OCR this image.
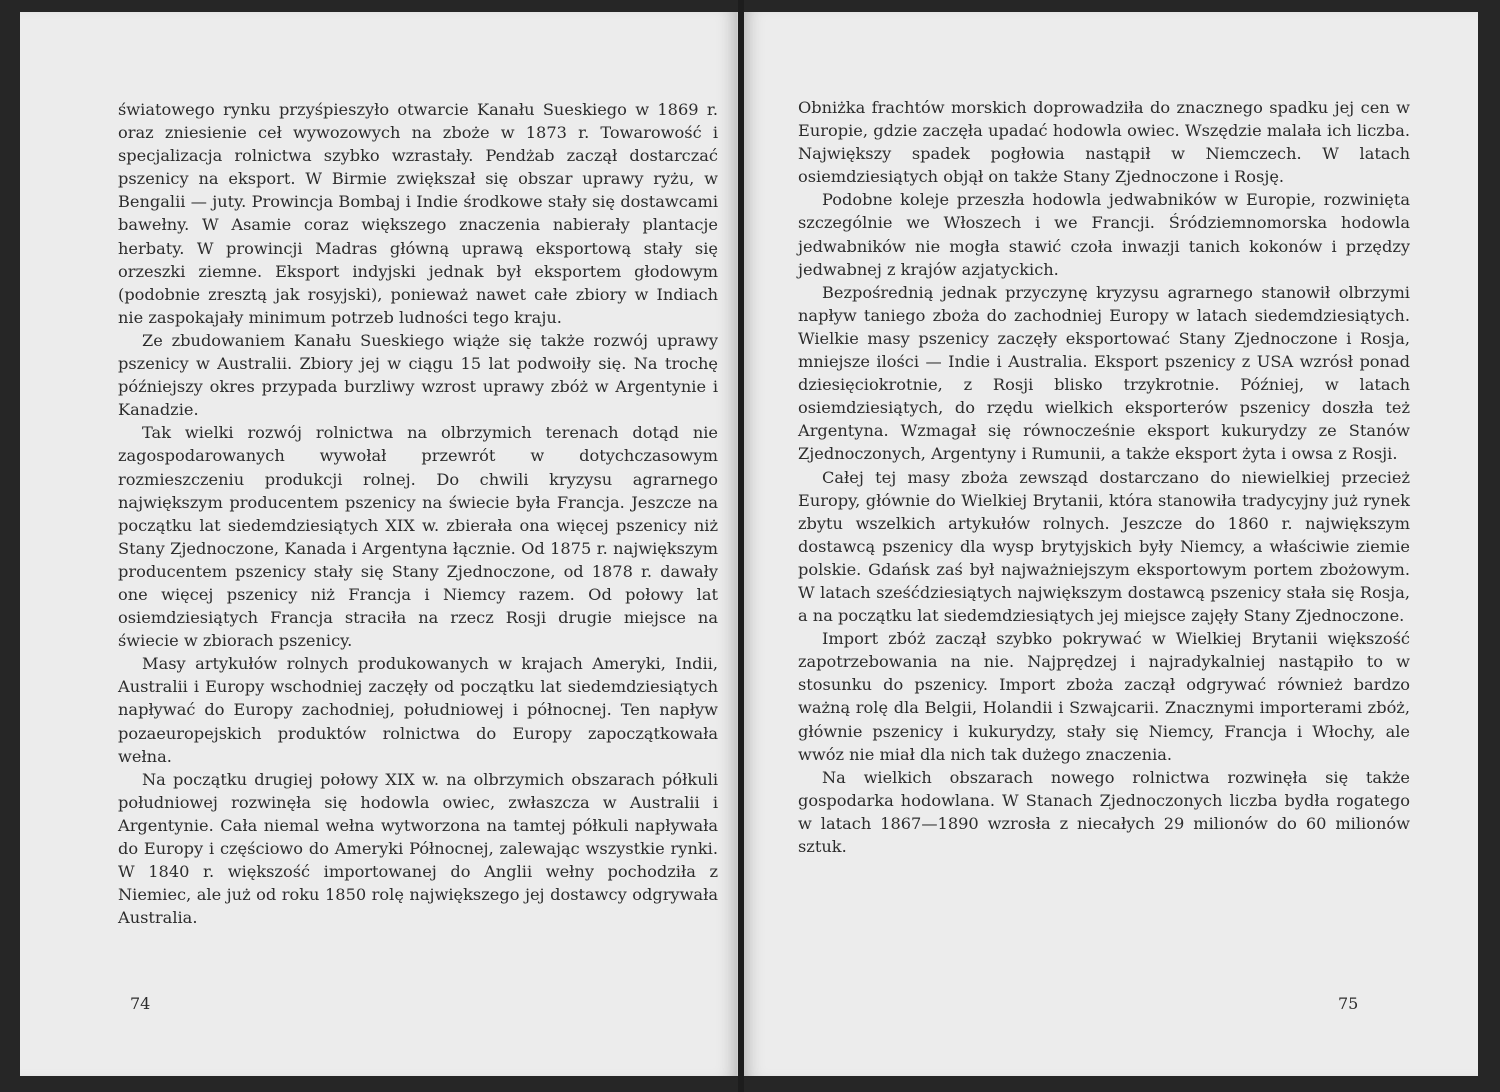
światowego rynku przyśpieszyło otwarcie Kanału Sueskiego w 1869 r. oraz zniesienie ceł wywozowych na zboże w 1873 r. Towarowość i specjalizacja rolnictwa szybko wzrastały. Pendżab zaczął dostarczać pszenicy na eksport. W Birmie zwiększał się obszar uprawy ryżu, w Bengalii — juty. Prowincja Bombaj i Indie środkowe stały się dostawcami bawełny. W Asamie coraz większego znaczenia nabierały plantacje herbaty. W prowincji Madras główną uprawą eksportową stały się orzeszki ziemne. Eksport indyjski jednak był eksportem głodowym (podobnie zresztą jak rosyjski), ponieważ nawet całe zbiory w Indiach nie zaspokajały minimum potrzeb ludności tego kraju.

Ze zbudowaniem Kanału Sueskiego wiąże się także rozwój uprawy pszenicy w Australii. Zbiory jej w ciągu 15 lat podwoiły się. Na trochę późniejszy okres przypada burzliwy wzrost uprawy zbóż w Argentynie i Kanadzie.

Tak wielki rozwój rolnictwa na olbrzymich terenach dotąd nie zagospodarowanych wywołał przewrót w dotychczasowym rozmieszczeniu produkcji rolnej. Do chwili kryzysu agrarnego największym producentem pszenicy na świecie była Francja. Jeszcze na początku lat siedemdziesiątych XIX w. zbierała ona więcej pszenicy niż Stany Zjednoczone, Kanada i Argentyna łącznie. Od 1875 r. największym producentem pszenicy stały się Stany Zjednoczone, od 1878 r. dawały one więcej pszenicy niż Francja i Niemcy razem. Od połowy lat osiemdziesiątych Francja straciła na rzecz Rosji drugie miejsce na świecie w zbiorach pszenicy.

Masy artykułów rolnych produkowanych w krajach Ameryki, Indii, Australii i Europy wschodniej zaczęły od początku lat siedemdziesiątych napływać do Europy zachodniej, południowej i północnej. Ten napływ pozaeuropejskich produktów rolnictwa do Europy zapoczątkowała wełna.

Na początku drugiej połowy XIX w. na olbrzymich obszarach półkuli południowej rozwinęła się hodowla owiec, zwłaszcza w Australii i Argentynie. Cała niemal wełna wytworzona na tamtej półkuli napływała do Europy i częściowo do Ameryki Północnej, zalewając wszystkie rynki. W 1840 r. większość importowanej do Anglii wełny pochodziła z Niemiec, ale już od roku 1850 rolę największego jej dostawcy odgrywała Australia.

74

Obniżka frachtów morskich doprowadziła do znacznego spadku jej cen w Europie, gdzie zaczęła upadać hodowla owiec. Wszędzie malała ich liczba. Największy spadek pogłowia nastąpił w Niemczech. W latach osiemdziesiątych objął on także Stany Zjednoczone i Rosję.

Podobne koleje przeszła hodowla jedwabników w Europie, rozwinięta szczególnie we Włoszech i we Francji. Śródziemnomorska hodowla jedwabników nie mogła stawić czoła inwazji tanich kokonów i przędzy jedwabnej z krajów azjatyckich.

Bezpośrednią jednak przyczynę kryzysu agrarnego stanowił olbrzymi napływ taniego zboża do zachodniej Europy w latach siedemdziesiątych. Wielkie masy pszenicy zaczęły eksportować Stany Zjednoczone i Rosja, mniejsze ilości — Indie i Australia. Eksport pszenicy z USA wzrósł ponad dziesięciokrotnie, z Rosji blisko trzykrotnie. Później, w latach osiemdziesiątych, do rzędu wielkich eksporterów pszenicy doszła też Argentyna. Wzmagał się równocześnie eksport kukurydzy ze Stanów Zjednoczonych, Argentyny i Rumunii, a także eksport żyta i owsa z Rosji.

Całej tej masy zboża zewsząd dostarczano do niewielkiej przecież Europy, głównie do Wielkiej Brytanii, która stanowiła tradycyjny już rynek zbytu wszelkich artykułów rolnych. Jeszcze do 1860 r. największym dostawcą pszenicy dla wysp brytyjskich były Niemcy, a właściwie ziemie polskie. Gdańsk zaś był najważniejszym eksportowym portem zbożowym. W latach sześćdziesiątych największym dostawcą pszenicy stała się Rosja, a na początku lat siedemdziesiątych jej miejsce zajęły Stany Zjednoczone.

Import zbóż zaczął szybko pokrywać w Wielkiej Brytanii większość zapotrzebowania na nie. Najprędzej i najradykalniej nastąpiło to w stosunku do pszenicy. Import zboża zaczął odgrywać również bardzo ważną rolę dla Belgii, Holandii i Szwajcarii. Znacznymi importerami zbóż, głównie pszenicy i kukurydzy, stały się Niemcy, Francja i Włochy, ale wwóz nie miał dla nich tak dużego znaczenia.

Na wielkich obszarach nowego rolnictwa rozwinęła się także gospodarka hodowlana. W Stanach Zjednoczonych liczba bydła rogatego w latach 1867—1890 wzrosła z niecałych 29 milionów do 60 milionów sztuk.

75
